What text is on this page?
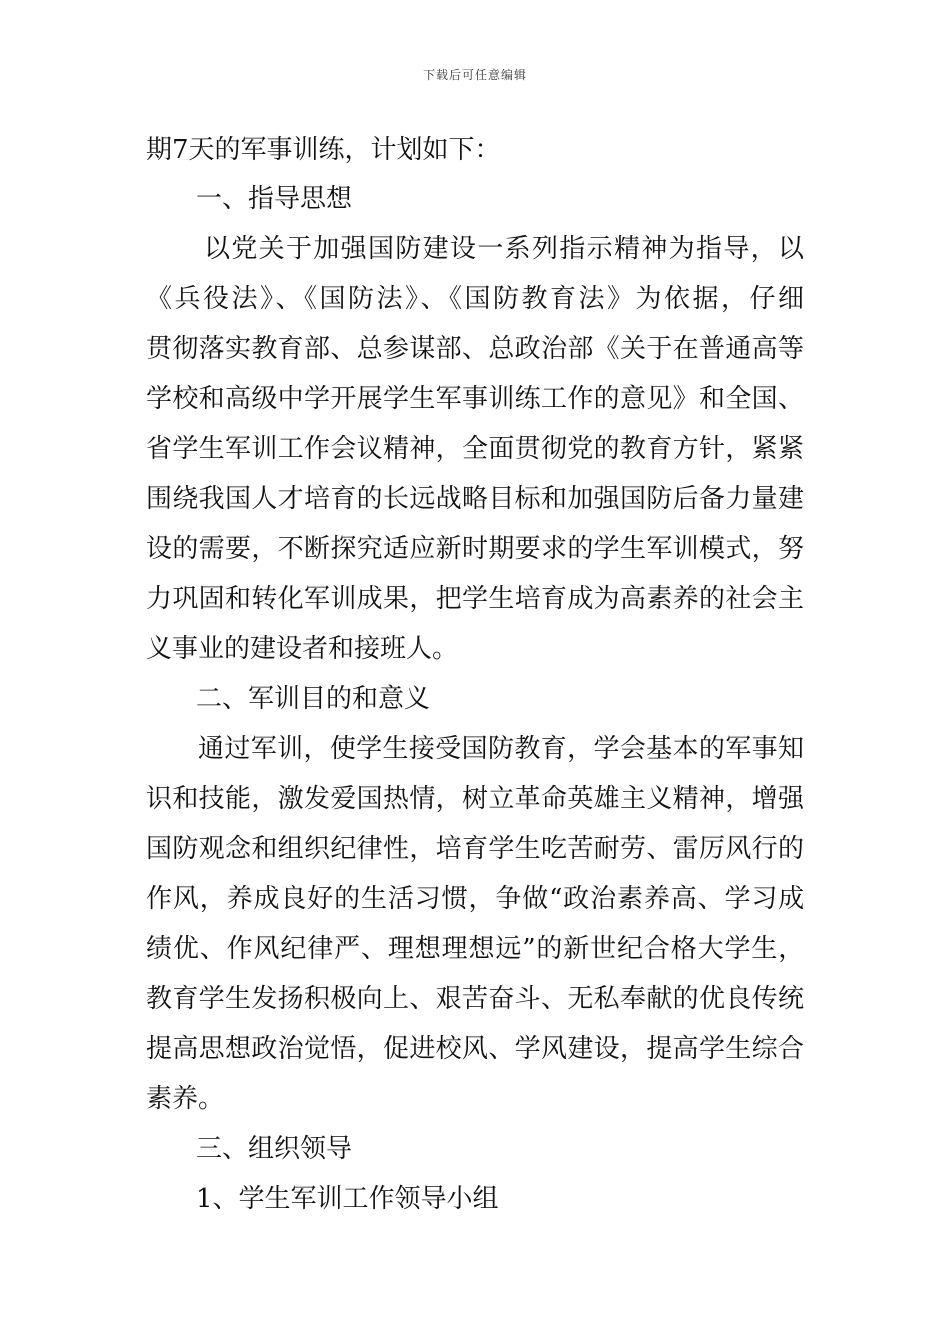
下载后可任意编辑
期7天的军事训练，计划如下：
一、指导思想
以党关于加强国防建设一系列指示精神为指导，以
《兵役法》、《国防法》、《国防教育法》为依据，仔细
贯彻落实教育部、总参谋部、总政治部《关于在普通高等
学校和高级中学开展学生军事训练工作的意见》和全国、
省学生军训工作会议精神，全面贯彻党的教育方针，紧紧
围绕我国人才培育的长远战略目标和加强国防后备力量建
设的需要，不断探究适应新时期要求的学生军训模式，努
力巩固和转化军训成果，把学生培育成为高素养的社会主
义事业的建设者和接班人。
二、军训目的和意义
通过军训，使学生接受国防教育，学会基本的军事知
识和技能，激发爱国热情，树立革命英雄主义精神，增强
国防观念和组织纪律性，培育学生吃苦耐劳、雷厉风行的
作风，养成良好的生活习惯，争做“政治素养高、学习成
绩优、作风纪律严、理想理想远”的新世纪合格大学生，
教育学生发扬积极向上、艰苦奋斗、无私奉献的优良传统
提高思想政治觉悟，促进校风、学风建设，提高学生综合
素养。
三、组织领导
1、学生军训工作领导小组
